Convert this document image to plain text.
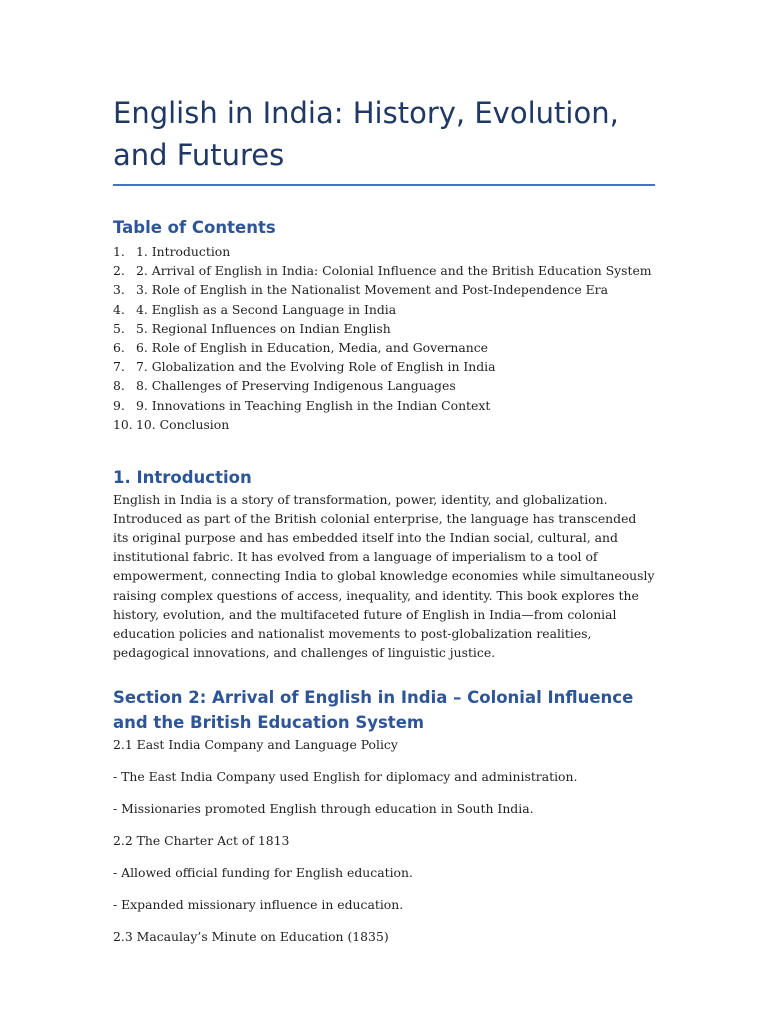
English in India: History, Evolution, and Futures
Table of Contents
1. 1. Introduction
2. 2. Arrival of English in India: Colonial Influence and the British Education System
3. 3. Role of English in the Nationalist Movement and Post-Independence Era
4. 4. English as a Second Language in India
5. 5. Regional Influences on Indian English
6. 6. Role of English in Education, Media, and Governance
7. 7. Globalization and the Evolving Role of English in India
8. 8. Challenges of Preserving Indigenous Languages
9. 9. Innovations in Teaching English in the Indian Context
10. 10. Conclusion
1. Introduction

English in India is a story of transformation, power, identity, and globalization. Introduced as part of the British colonial enterprise, the language has transcended its original purpose and has embedded itself into the Indian social, cultural, and institutional fabric. It has evolved from a language of imperialism to a tool of empowerment, connecting India to global knowledge economies while simultaneously raising complex questions of access, inequality, and identity. This book explores the history, evolution, and the multifaceted future of English in India—from colonial education policies and nationalist movements to post-globalization realities, pedagogical innovations, and challenges of linguistic justice.

Section 2: Arrival of English in India – Colonial Influence and the British Education System

2.1 East India Company and Language Policy

- The East India Company used English for diplomacy and administration.

- Missionaries promoted English through education in South India.

2.2 The Charter Act of 1813

- Allowed official funding for English education.

- Expanded missionary influence in education.

2.3 Macaulay’s Minute on Education (1835)
